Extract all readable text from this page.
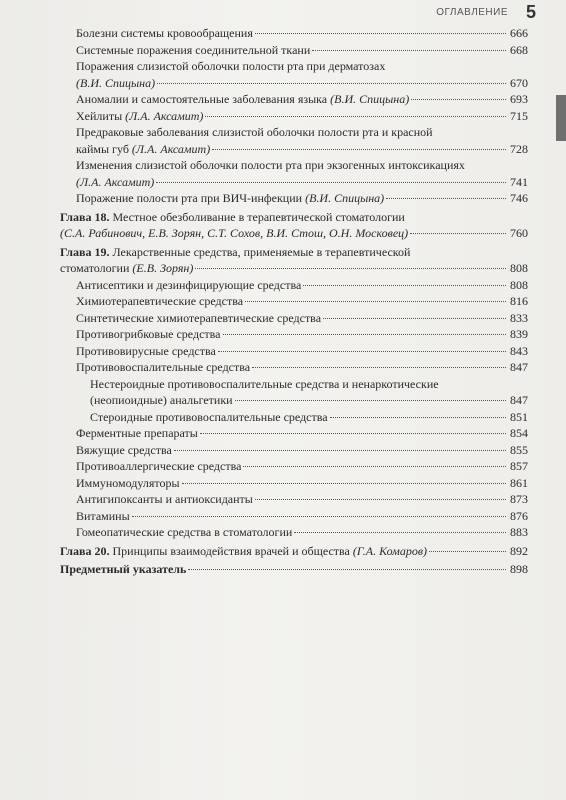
ОГЛАВЛЕНИЕ 5
Болезни системы кровообращения	666
Системные поражения соединительной ткани	668
Поражения слизистой оболочки полости рта при дерматозах
(В.И. Спицына)	670
Аномалии и самостоятельные заболевания языка (В.И. Спицына)	693
Хейлиты (Л.А. Аксамит)	715
Предраковые заболевания слизистой оболочки полости рта и красной
каймы губ (Л.А. Аксамит)	728
Изменения слизистой оболочки полости рта при экзогенных интоксикациях
(Л.А. Аксамит)	741
Поражение полости рта при ВИЧ-инфекции (В.И. Спицына)	746
Глава 18. Местное обезболивание в терапевтической стоматологии
(С.А. Рабинович, Е.В. Зорян, С.Т. Сохов, В.И. Стош, О.Н. Московец)	760
Глава 19. Лекарственные средства, применяемые в терапевтической
стоматологии (Е.В. Зорян)	808
Антисептики и дезинфицирующие средства	808
Химиотерапевтические средства	816
Синтетические химиотерапевтические средства	833
Противогрибковые средства	839
Противовирусные средства	843
Противовоспалительные средства	847
Нестероидные противовоспалительные средства и ненаркотические
(неопиоидные) анальгетики	847
Стероидные противовоспалительные средства	851
Ферментные препараты	854
Вяжущие средства	855
Противоаллергические средства	857
Иммуномодуляторы	861
Антигипоксанты и антиоксиданты	873
Витамины	876
Гомеопатические средства в стоматологии	883
Глава 20. Принципы взаимодействия врачей и общества (Г.А. Комаров)	892
Предметный указатель	898
